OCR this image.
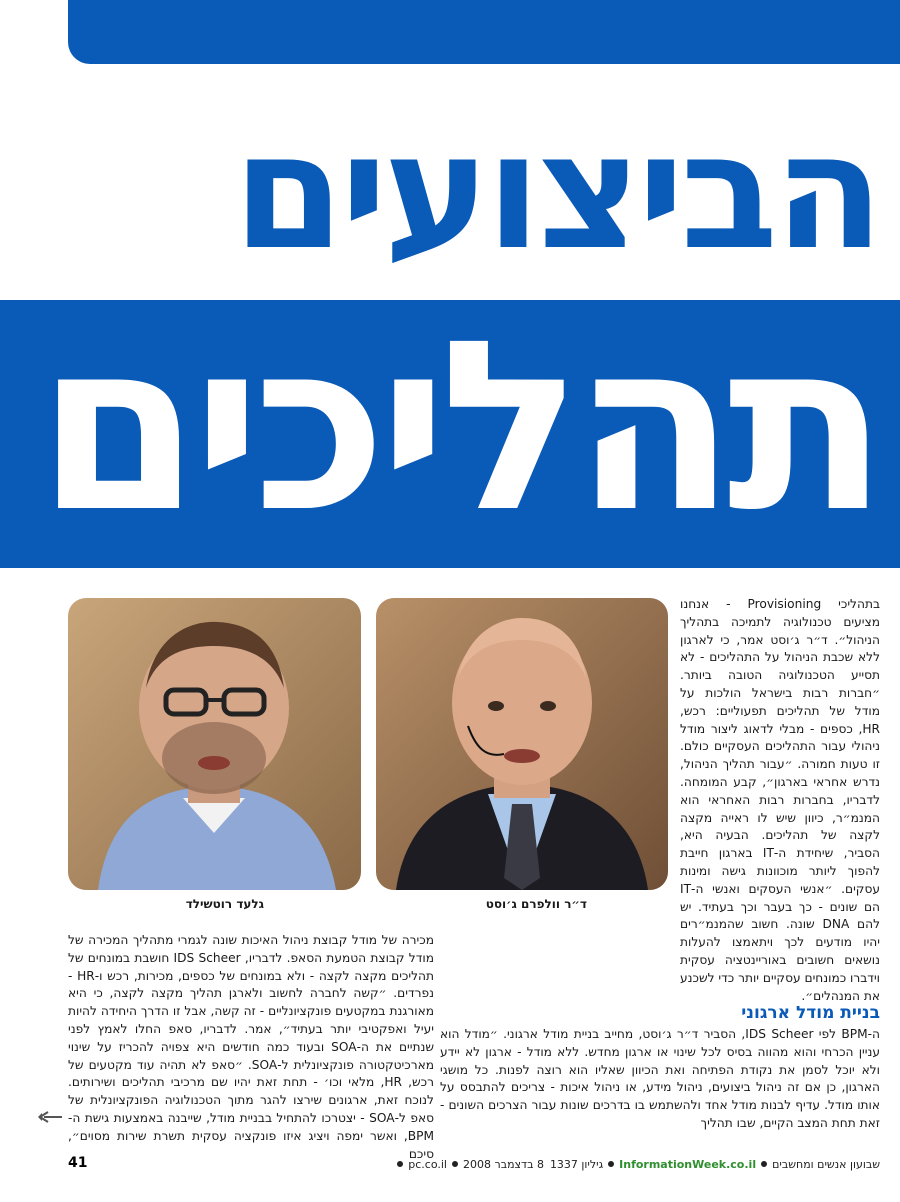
הביצועים
תהליכים
גלעד רוטשילד	ד״ר וולפרם ג׳וסט
בתהליכי Provisioning - אנחנו מציעים טכנולוגיה לתמיכה בתהליך הניהול״. ד״ר ג׳וסט אמר, כי לארגון ללא שכבת הניהול על התהליכים - לא תסייע הטכנולוגיה הטובה ביותר. ״חברות רבות בישראל הולכות על מודל של תהליכים תפעוליים: רכש, HR, כספים - מבלי לדאוג ליצור מודל ניהולי עבור התהליכים העסקיים כולם. זו טעות חמורה. ״עבור תהליך הניהול, נדרש אחראי בארגון״, קבע המומחה. לדבריו, בחברות רבות האחראי הוא המנמ״ר, כיוון שיש לו ראייה מקצה לקצה של תהליכים. הבעיה היא, הסביר, שיחידת ה-IT בארגון חייבת להפוך ליותר מוכוונות גישה ומינות עסקים. ״אנשי העסקים ואנשי ה-IT הם שונים - כך בעבר וכך בעתיד. יש להם DNA שונה. חשוב שהמנמ״רים יהיו מודעים לכך ויתאמצו להעלות נושאים חשובים באוריינטציה עסקית וידברו כמונחים עסקיים יותר כדי לשכנע את המנהלים״.

מכירה של מודל קבוצת ניהול האיכות שונה לגמרי מתהליך המכירה של מודל קבוצת הטמעת הסאפ. לדבריו, IDS Scheer חושבת במונחים של תהליכים מקצה לקצה - ולא במונחים של כספים, מכירות, רכש ו-HR - נפרדים. ״קשה לחברה לחשוב ולארגן תהליך מקצה לקצה, כי היא מאורגנת במקטעים פונקציונליים - זה קשה, אבל זו הדרך היחידה להיות יעיל ואפקטיבי יותר בעתיד״, אמר. לדבריו, סאפ החלו לאמץ לפני שנתיים את ה-SOA ובעוד כמה חודשים היא צפויה להכריז על שינוי מארכיטקטורה פונקציונלית ל-SOA. ״סאפ לא תהיה עוד מקטעים של רכש, HR, מלאי וכו׳ - תחת זאת יהיו שם מרכיבי תהליכים ושירותים. לנוכח זאת, ארגונים שירצו להגר מתוך הטכנולוגיה הפונקציונלית של סאפ ל-SOA - יצטרכו להתחיל בבניית מודל, שייבנה באמצעות גישת ה-BPM, ואשר ימפה ויציג איזו פונקציה עסקית תשרת שירות מסוים״, סיכם

בניית מודל ארגוני

ה-BPM לפי IDS Scheer, הסביר ד״ר ג׳וסט, מחייב בניית מודל ארגוני. ״מודל הוא עניין הכרחי והוא מהווה בסיס לכל שינוי או ארגון מחדש. ללא מודל - ארגון לא יידע ולא יוכל לסמן את נקודת הפתיחה ואת הכיוון שאליו הוא רוצה לפנות. כל מושגי הארגון, כן אם זה ניהול ביצועים, ניהול מידע, או ניהול איכות - צריכים להתבסס על אותו מודל. עדיף לבנות מודל אחד ולהשתמש בו בדרכים שונות עבור הצרכים השונים - זאת תחת המצב הקיים, שבו תהליך

שבועון אנשים ומחשבים
InformationWeek.co.il
גיליון 1337
8 בדצמבר 2008
pc.co.il
41
